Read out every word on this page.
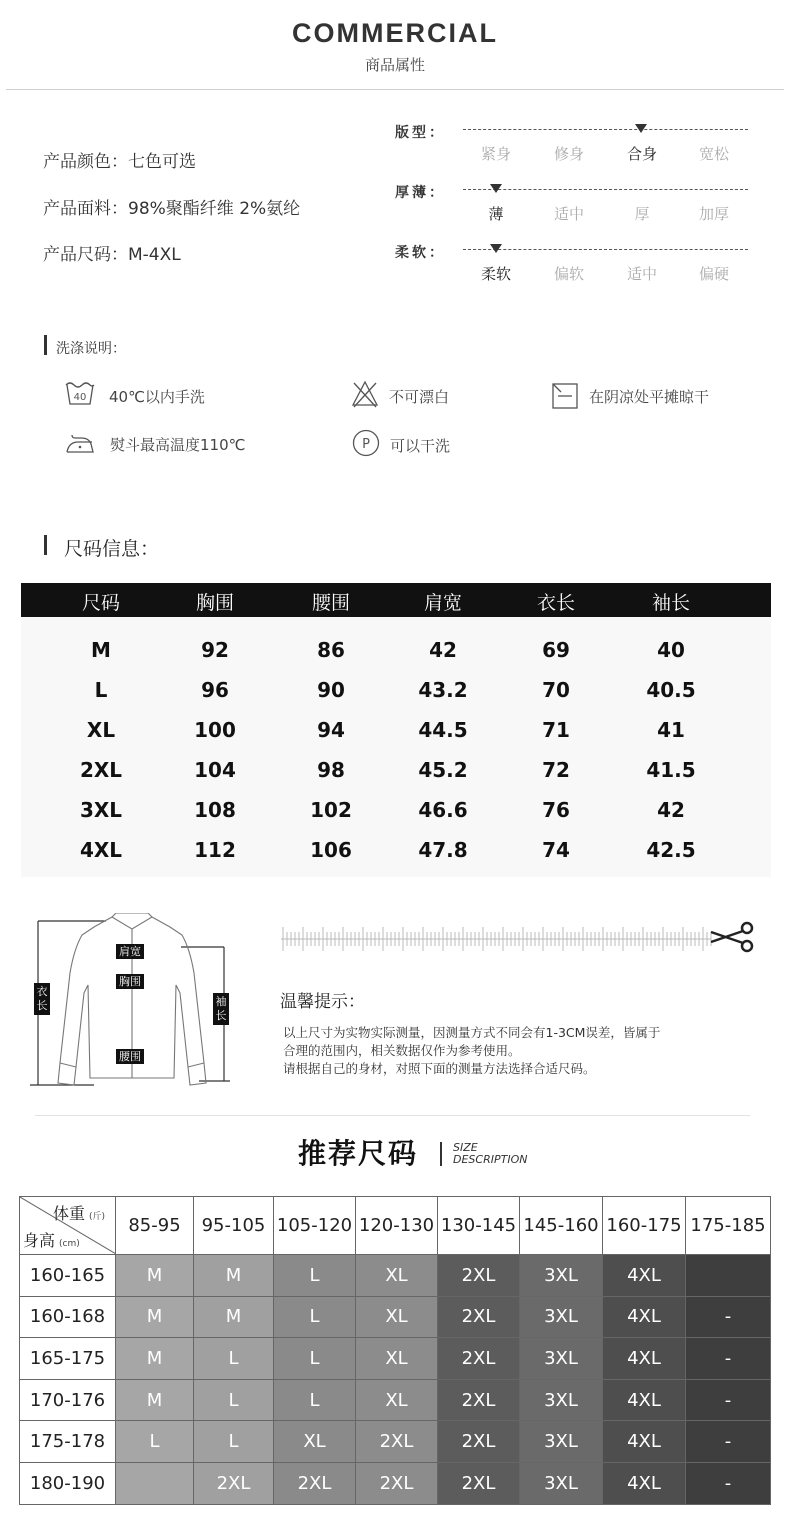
COMMERCIAL
商品属性
产品颜色：七色可选
产品面料：98%聚酯纤维 2%氨纶
产品尺码：M-4XL
版型：
紧身	修身	合身	宽松
厚薄：
薄	适中	厚	加厚
柔软：
柔软	偏软	适中	偏硬
洗涤说明：
40 40℃以内手洗	不可漂白	在阴凉处平摊晾干
熨斗最高温度110℃	P 可以干洗
尺码信息：
尺码	胸围	腰围	肩宽	衣长	袖长
M	92	86	42	69	40
L	96	90	43.2	70	40.5
XL	100	94	44.5	71	41
2XL	104	98	45.2	72	41.5
3XL	108	102	46.6	76	42
4XL	112	106	47.8	74	42.5
肩宽
胸围
腰围
衣长	袖长
温馨提示：
以上尺寸为实物实际测量，因测量方式不同会有1-3CM误差，皆属于
合理的范围内，相关数据仅作为参考使用。
请根据自己的身材，对照下面的测量方法选择合适尺码。
推荐尺码	SIZE
DESCRIPTION
体重 (斤)
身高 (cm)	85-95	95-105	105-120	120-130	130-145	145-160	160-175	175-185
160-165	M	M	L	XL	2XL	3XL	4XL	
160-168	M	M	L	XL	2XL	3XL	4XL	-
165-175	M	L	L	XL	2XL	3XL	4XL	-
170-176	M	L	L	XL	2XL	3XL	4XL	-
175-178	L	L	XL	2XL	2XL	3XL	4XL	-
180-190		2XL	2XL	2XL	2XL	3XL	4XL	-
